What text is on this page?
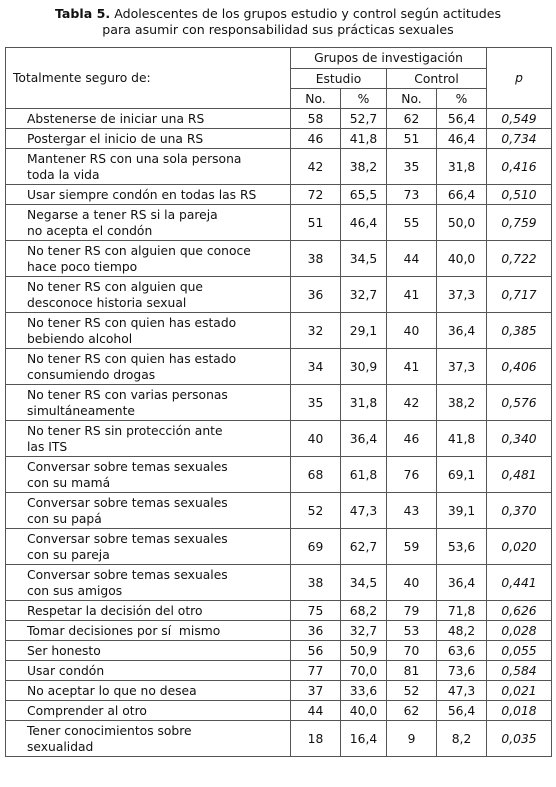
Tabla 5. Adolescentes de los grupos estudio y control según actitudes
para asumir con responsabilidad sus prácticas sexuales
Totalmente seguro de:	Grupos de investigación				p
	Estudio		Control		
	No.	%	No.	%	
Abstenerse de iniciar una RS	58	52,7	62	56,4	0,549
Postergar el inicio de una RS	46	41,8	51	46,4	0,734
Mantener RS con una sola persona
toda la vida	42	38,2	35	31,8	0,416
Usar siempre condón en todas las RS	72	65,5	73	66,4	0,510
Negarse a tener RS si la pareja
no acepta el condón	51	46,4	55	50,0	0,759
No tener RS con alguien que conoce
hace poco tiempo	38	34,5	44	40,0	0,722
No tener RS con alguien que
desconoce historia sexual	36	32,7	41	37,3	0,717
No tener RS con quien has estado
bebiendo alcohol	32	29,1	40	36,4	0,385
No tener RS con quien has estado
consumiendo drogas	34	30,9	41	37,3	0,406
No tener RS con varias personas
simultáneamente	35	31,8	42	38,2	0,576
No tener RS sin protección ante
las ITS	40	36,4	46	41,8	0,340
Conversar sobre temas sexuales
con su mamá	68	61,8	76	69,1	0,481
Conversar sobre temas sexuales
con su papá	52	47,3	43	39,1	0,370
Conversar sobre temas sexuales
con su pareja	69	62,7	59	53,6	0,020
Conversar sobre temas sexuales
con sus amigos	38	34,5	40	36,4	0,441
Respetar la decisión del otro	75	68,2	79	71,8	0,626
Tomar decisiones por sí  mismo	36	32,7	53	48,2	0,028
Ser honesto	56	50,9	70	63,6	0,055
Usar condón	77	70,0	81	73,6	0,584
No aceptar lo que no desea	37	33,6	52	47,3	0,021
Comprender al otro	44	40,0	62	56,4	0,018
Tener conocimientos sobre
sexualidad	18	16,4	9	8,2	0,035
